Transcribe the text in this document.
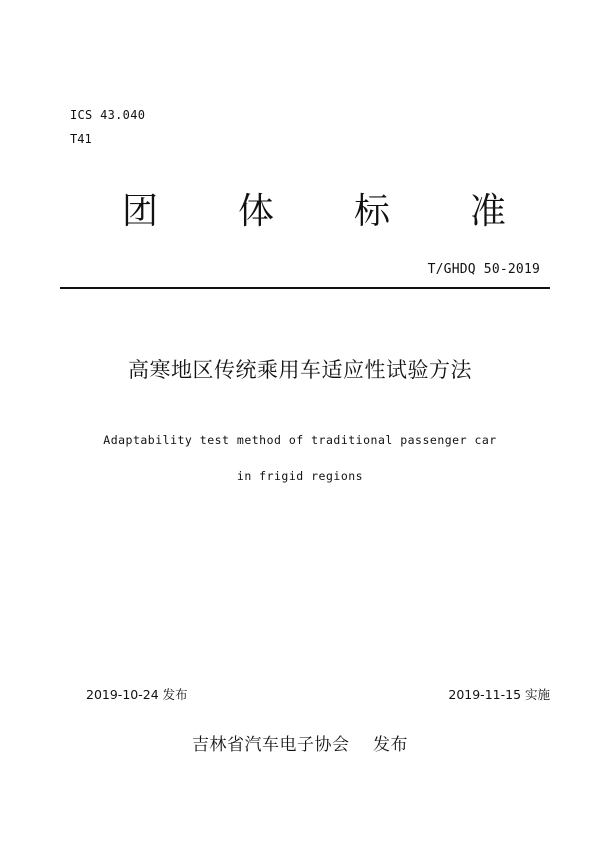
ICS 43.040
T41
团 体 标 准
T/GHDQ 50-2019
高寒地区传统乘用车适应性试验方法
Adaptability test method of traditional passenger car
in frigid regions
2019-10-24 发布	2019-11-15 实施
吉林省汽车电子协会　 发布
